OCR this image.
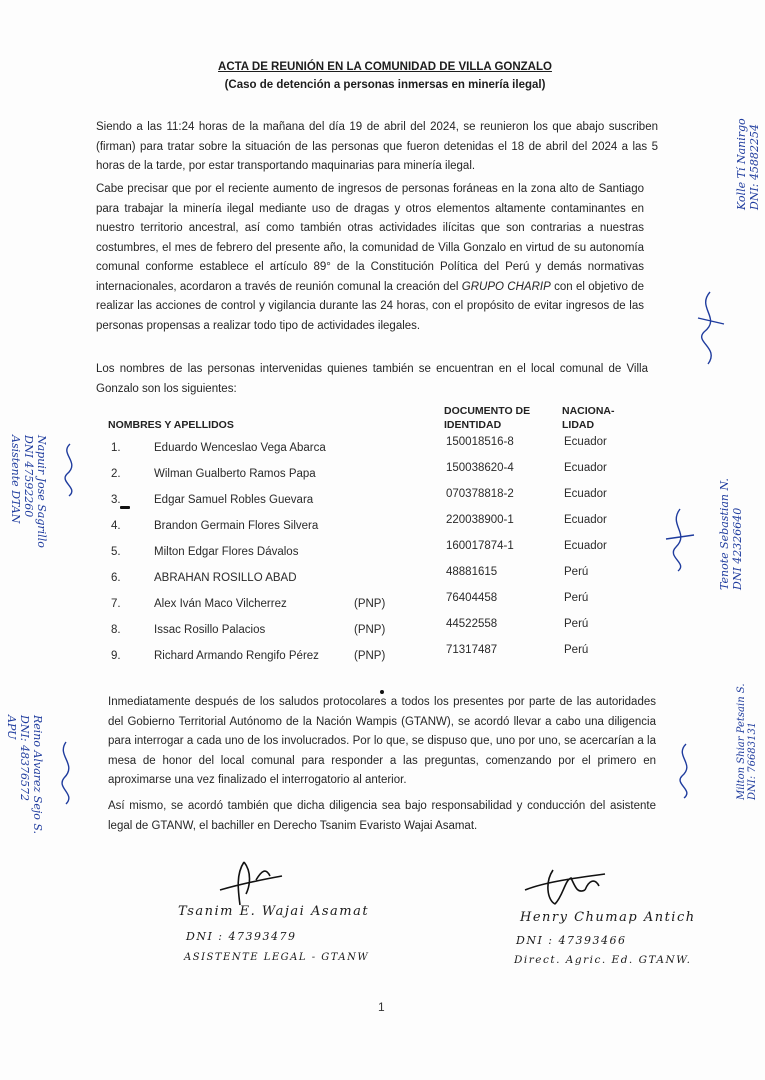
ACTA DE REUNIÓN EN LA COMUNIDAD DE VILLA GONZALO
(Caso de detención a personas inmersas en minería ilegal)
Siendo a las 11:24 horas de la mañana del día 19 de abril del 2024, se reunieron los que abajo suscriben (firman) para tratar sobre la situación de las personas que fueron detenidas el 18 de abril del 2024 a las 5 horas de la tarde, por estar transportando maquinarias para minería ilegal.
Cabe precisar que por el reciente aumento de ingresos de personas foráneas en la zona alto de Santiago para trabajar la minería ilegal mediante uso de dragas y otros elementos altamente contaminantes en nuestro territorio ancestral, así como también otras actividades ilícitas que son contrarias a nuestras costumbres, el mes de febrero del presente año, la comunidad de Villa Gonzalo en virtud de su autonomía comunal conforme establece el artículo 89° de la Constitución Política del Perú y demás normativas internacionales, acordaron a través de reunión comunal la creación del GRUPO CHARIP con el objetivo de realizar las acciones de control y vigilancia durante las 24 horas, con el propósito de evitar ingresos de las personas propensas a realizar todo tipo de actividades ilegales.
Los nombres de las personas intervenidas quienes también se encuentran en el local comunal de Villa Gonzalo son los siguientes:
NOMBRES Y APELLIDOS
DOCUMENTO DE
IDENTIDAD
NACIONA-
LIDAD
1.	Eduardo Wenceslao Vega Abarca	150018516-8	Ecuador
2.	Wilman Gualberto Ramos Papa	150038620-4	Ecuador
3.	Edgar Samuel Robles Guevara	070378818-2	Ecuador
4.	Brandon Germain Flores Silvera	220038900-1	Ecuador
5.	Milton Edgar Flores Dávalos	160017874-1	Ecuador
6.	ABRAHAN ROSILLO ABAD	48881615	Perú
7.	Alex Iván Maco Vilcherrez	(PNP)	76404458	Perú
8.	Issac Rosillo Palacios	(PNP)	44522558	Perú
9.	Richard Armando Rengifo Pérez	(PNP)	71317487	Perú
Inmediatamente después de los saludos protocolares a todos los presentes por parte de las autoridades del Gobierno Territorial Autónomo de la Nación Wampis (GTANW), se acordó llevar a cabo una diligencia para interrogar a cada uno de los involucrados. Por lo que, se dispuso que, uno por uno, se acercarían a la mesa de honor del local comunal para responder a las preguntas, comenzando por el primero en aproximarse una vez finalizado el interrogatorio al anterior.
Así mismo, se acordó también que dicha diligencia sea bajo responsabilidad y conducción del asistente legal de GTANW, el bachiller en Derecho Tsanim Evaristo Wajai Asamat.
Tsanim E. Wajai Asamat
DNI : 47393479
ASISTENTE LEGAL - GTANW
Henry Chumap Antich
DNI : 47393466
Direct. Agric. Ed. GTANW.
1
Kolle Tí Nanirgo DNI: 45882254
Napuir Jose Sagrillo
DNI 47592260
Asistente DTAN	Tenote Sebastian N. DNI 42326640
Milton Shiar Petsain S. DNI: 76683131
Reino Alvarez Sejo S.
DNI: 48376572
APU
